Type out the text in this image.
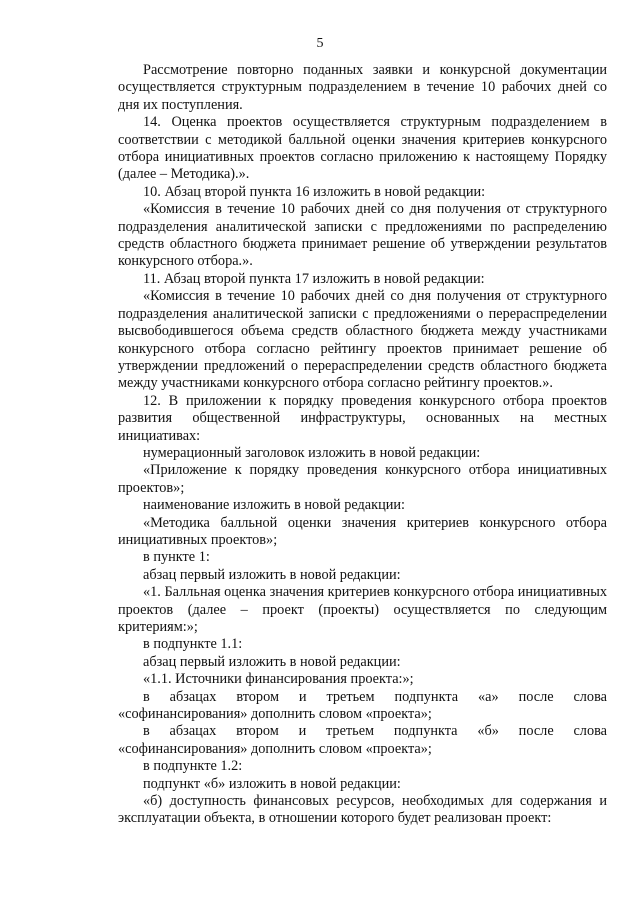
5

Рассмотрение повторно поданных заявки и конкурсной документации осуществляется структурным подразделением в течение 10 рабочих дней со дня их поступления.

14. Оценка проектов осуществляется структурным подразделением в соответствии с методикой балльной оценки значения критериев конкурсного отбора инициативных проектов согласно приложению к настоящему Порядку (далее – Методика).».

10. Абзац второй пункта 16 изложить в новой редакции:

«Комиссия в течение 10 рабочих дней со дня получения от структурного подразделения аналитической записки с предложениями по распределению средств областного бюджета принимает решение об утверждении результатов конкурсного отбора.».

11. Абзац второй пункта 17 изложить в новой редакции:

«Комиссия в течение 10 рабочих дней со дня получения от структурного подразделения аналитической записки с предложениями о перераспределении высвободившегося объема средств областного бюджета между участниками конкурсного отбора согласно рейтингу проектов принимает решение об утверждении предложений о перераспределении средств областного бюджета между участниками конкурсного отбора согласно рейтингу проектов.».

12. В приложении к порядку проведения конкурсного отбора проектов развития общественной инфраструктуры, основанных на местных инициативах:

нумерационный заголовок изложить в новой редакции:

«Приложение к порядку проведения конкурсного отбора инициативных проектов»;

наименование изложить в новой редакции:

«Методика балльной оценки значения критериев конкурсного отбора инициативных проектов»;

в пункте 1:

абзац первый изложить в новой редакции:

«1. Балльная оценка значения критериев конкурсного отбора инициативных проектов (далее – проект (проекты) осуществляется по следующим критериям:»;

в подпункте 1.1:

абзац первый изложить в новой редакции:

«1.1. Источники финансирования проекта:»;

в абзацах втором и третьем подпункта «а» после слова «софинансирования» дополнить словом «проекта»;

в абзацах втором и третьем подпункта «б» после слова «софинансирования» дополнить словом «проекта»;

в подпункте 1.2:

подпункт «б» изложить в новой редакции:

«б) доступность финансовых ресурсов, необходимых для содержания и эксплуатации объекта, в отношении которого будет реализован проект:
